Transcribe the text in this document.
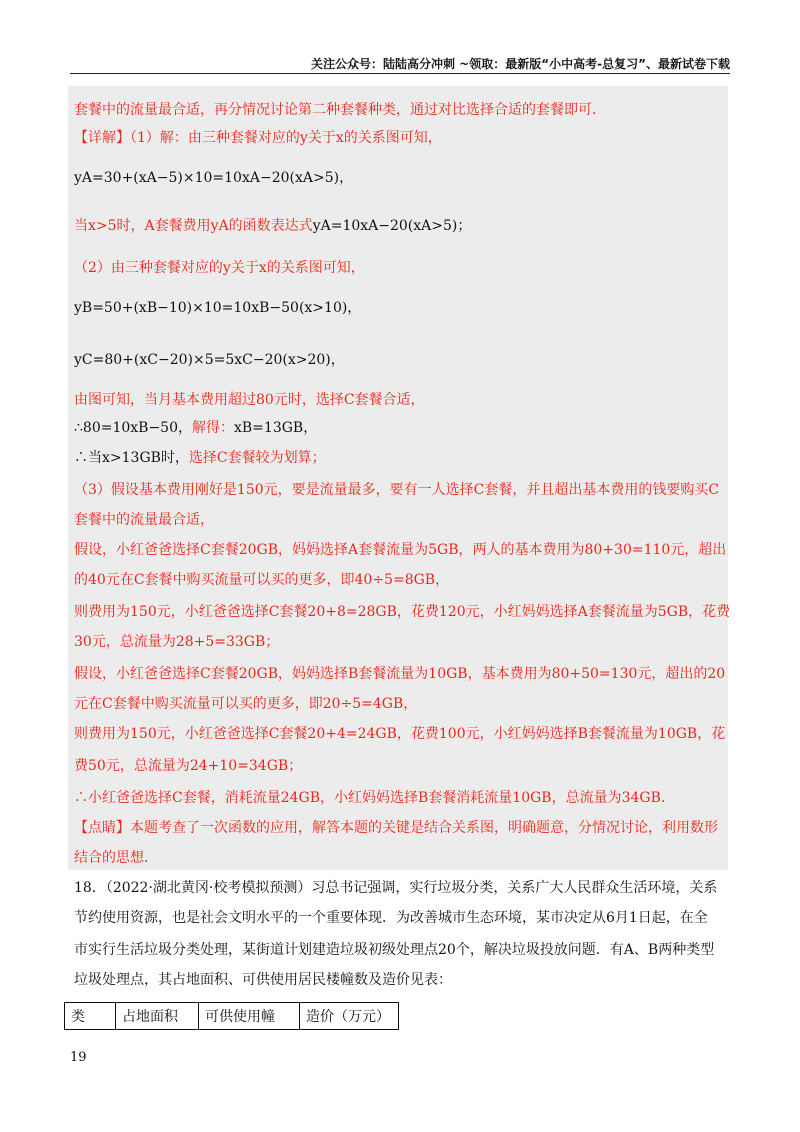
关注公众号：陆陆高分冲刺 ~领取：最新版“小中高考-总复习”、最新试卷下载
套餐中的流量最合适，再分情况讨论第二种套餐种类，通过对比选择合适的套餐即可．
【详解】（1）解：由三种套餐对应的y关于x的关系图可知，
yA=30+(xA−5)×10=10xA−20(xA>5)，
当x>5时，A套餐费用yA的函数表达式yA=10xA−20(xA>5)；
（2）由三种套餐对应的y关于x的关系图可知，
yB=50+(xB−10)×10=10xB−50(x>10)，
yC=80+(xC−20)×5=5xC−20(x>20)，
由图可知，当月基本费用超过80元时，选择C套餐合适，
∴80=10xB−50，解得：xB=13GB，
∴当x>13GB时，选择C套餐较为划算；
（3）假设基本费用刚好是150元，要是流量最多，要有一人选择C套餐，并且超出基本费用的钱要购买C
套餐中的流量最合适，
假设，小红爸爸选择C套餐20GB，妈妈选择A套餐流量为5GB，两人的基本费用为80+30=110元，超出
的40元在C套餐中购买流量可以买的更多，即40÷5=8GB，
则费用为150元，小红爸爸选择C套餐20+8=28GB，花费120元，小红妈妈选择A套餐流量为5GB，花费
30元，总流量为28+5=33GB；
假设，小红爸爸选择C套餐20GB，妈妈选择B套餐流量为10GB，基本费用为80+50=130元，超出的20
元在C套餐中购买流量可以买的更多，即20÷5=4GB，
则费用为150元，小红爸爸选择C套餐20+4=24GB，花费100元，小红妈妈选择B套餐流量为10GB，花
费50元，总流量为24+10=34GB；
∴小红爸爸选择C套餐，消耗流量24GB，小红妈妈选择B套餐消耗流量10GB，总流量为34GB．
【点睛】本题考查了一次函数的应用，解答本题的关键是结合关系图，明确题意，分情况讨论，利用数形
结合的思想．
18．（2022·湖北黄冈·校考模拟预测）习总书记强调，实行垃圾分类，关系广大人民群众生活环境，关系
节约使用资源，也是社会文明水平的一个重要体现．为改善城市生态环境，某市决定从6月1日起，在全
市实行生活垃圾分类处理，某街道计划建造垃圾初级处理点20个，解决垃圾投放问题．有A、B两种类型
垃圾处理点，其占地面积、可供使用居民楼幢数及造价见表：
类	占地面积	可供使用幢	造价（万元）
19
